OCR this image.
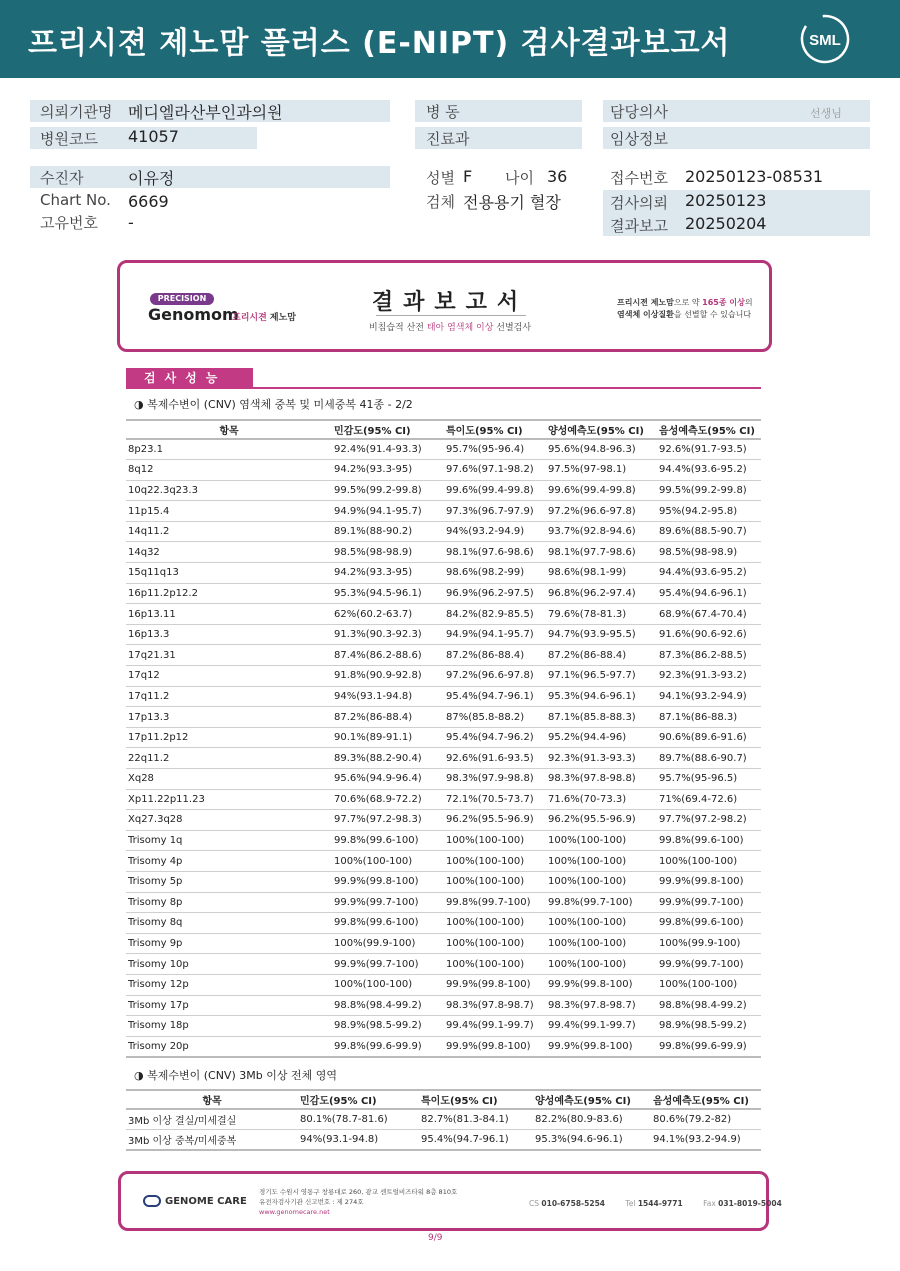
프리시젼 제노맘 플러스 (E-NIPT) 검사결과보고서	SML
의뢰기관명 메디엘라산부인과의원
병원코드 41057
병 동
진료과
담당의사	선생님
임상정보
수진자	이유정
Chart No. 6669
고유번호 -
성별 F 나이 36
검체 전용용기 혈장
접수번호 20250123-08531
검사의뢰 20250123
결과보고 20250204
PRECISION
Genomom
프리시젼 제노맘
결과보고서
비침습적 산전 태아 염색체 이상 선별검사
프리시젼 제노맘으로 약 165종 이상의
염색체 이상질환을 선별할 수 있습니다
검사성능
◑ 복제수변이 (CNV) 염색체 중복 및 미세중복 41종 - 2/2
항목	민감도(95% CI)	특이도(95% CI)	양성예측도(95% CI)	음성예측도(95% CI)
8p23.1	92.4%(91.4-93.3)	95.7%(95-96.4)	95.6%(94.8-96.3)	92.6%(91.7-93.5)
8q12	94.2%(93.3-95)	97.6%(97.1-98.2)	97.5%(97-98.1)	94.4%(93.6-95.2)
10q22.3q23.3	99.5%(99.2-99.8)	99.6%(99.4-99.8)	99.6%(99.4-99.8)	99.5%(99.2-99.8)
11p15.4	94.9%(94.1-95.7)	97.3%(96.7-97.9)	97.2%(96.6-97.8)	95%(94.2-95.8)
14q11.2	89.1%(88-90.2)	94%(93.2-94.9)	93.7%(92.8-94.6)	89.6%(88.5-90.7)
14q32	98.5%(98-98.9)	98.1%(97.6-98.6)	98.1%(97.7-98.6)	98.5%(98-98.9)
15q11q13	94.2%(93.3-95)	98.6%(98.2-99)	98.6%(98.1-99)	94.4%(93.6-95.2)
16p11.2p12.2	95.3%(94.5-96.1)	96.9%(96.2-97.5)	96.8%(96.2-97.4)	95.4%(94.6-96.1)
16p13.11	62%(60.2-63.7)	84.2%(82.9-85.5)	79.6%(78-81.3)	68.9%(67.4-70.4)
16p13.3	91.3%(90.3-92.3)	94.9%(94.1-95.7)	94.7%(93.9-95.5)	91.6%(90.6-92.6)
17q21.31	87.4%(86.2-88.6)	87.2%(86-88.4)	87.2%(86-88.4)	87.3%(86.2-88.5)
17q12	91.8%(90.9-92.8)	97.2%(96.6-97.8)	97.1%(96.5-97.7)	92.3%(91.3-93.2)
17q11.2	94%(93.1-94.8)	95.4%(94.7-96.1)	95.3%(94.6-96.1)	94.1%(93.2-94.9)
17p13.3	87.2%(86-88.4)	87%(85.8-88.2)	87.1%(85.8-88.3)	87.1%(86-88.3)
17p11.2p12	90.1%(89-91.1)	95.4%(94.7-96.2)	95.2%(94.4-96)	90.6%(89.6-91.6)
22q11.2	89.3%(88.2-90.4)	92.6%(91.6-93.5)	92.3%(91.3-93.3)	89.7%(88.6-90.7)
Xq28	95.6%(94.9-96.4)	98.3%(97.9-98.8)	98.3%(97.8-98.8)	95.7%(95-96.5)
Xp11.22p11.23	70.6%(68.9-72.2)	72.1%(70.5-73.7)	71.6%(70-73.3)	71%(69.4-72.6)
Xq27.3q28	97.7%(97.2-98.3)	96.2%(95.5-96.9)	96.2%(95.5-96.9)	97.7%(97.2-98.2)
Trisomy 1q	99.8%(99.6-100)	100%(100-100)	100%(100-100)	99.8%(99.6-100)
Trisomy 4p	100%(100-100)	100%(100-100)	100%(100-100)	100%(100-100)
Trisomy 5p	99.9%(99.8-100)	100%(100-100)	100%(100-100)	99.9%(99.8-100)
Trisomy 8p	99.9%(99.7-100)	99.8%(99.7-100)	99.8%(99.7-100)	99.9%(99.7-100)
Trisomy 8q	99.8%(99.6-100)	100%(100-100)	100%(100-100)	99.8%(99.6-100)
Trisomy 9p	100%(99.9-100)	100%(100-100)	100%(100-100)	100%(99.9-100)
Trisomy 10p	99.9%(99.7-100)	100%(100-100)	100%(100-100)	99.9%(99.7-100)
Trisomy 12p	100%(100-100)	99.9%(99.8-100)	99.9%(99.8-100)	100%(100-100)
Trisomy 17p	98.8%(98.4-99.2)	98.3%(97.8-98.7)	98.3%(97.8-98.7)	98.8%(98.4-99.2)
Trisomy 18p	98.9%(98.5-99.2)	99.4%(99.1-99.7)	99.4%(99.1-99.7)	98.9%(98.5-99.2)
Trisomy 20p	99.8%(99.6-99.9)	99.9%(99.8-100)	99.9%(99.8-100)	99.8%(99.6-99.9)
◑ 복제수변이 (CNV) 3Mb 이상 전체 영역
항목	민감도(95% CI)	특이도(95% CI)	양성예측도(95% CI)	음성예측도(95% CI)
3Mb 이상 결실/미세결실	80.1%(78.7-81.6)	82.7%(81.3-84.1)	82.2%(80.9-83.6)	80.6%(79.2-82)
3Mb 이상 중복/미세중복	94%(93.1-94.8)	95.4%(94.7-96.1)	95.3%(94.6-96.1)	94.1%(93.2-94.9)
GENOME CARE
경기도 수원시 영통구 창룡대로 260, 광교 센트럴비즈타워 8층 810호
유전자검사기관 신고번호 : 제 274호
www.genomecare.net
CS 010-6758-5254	Tel 1544-9771	Fax 031-8019-5004
9/9
